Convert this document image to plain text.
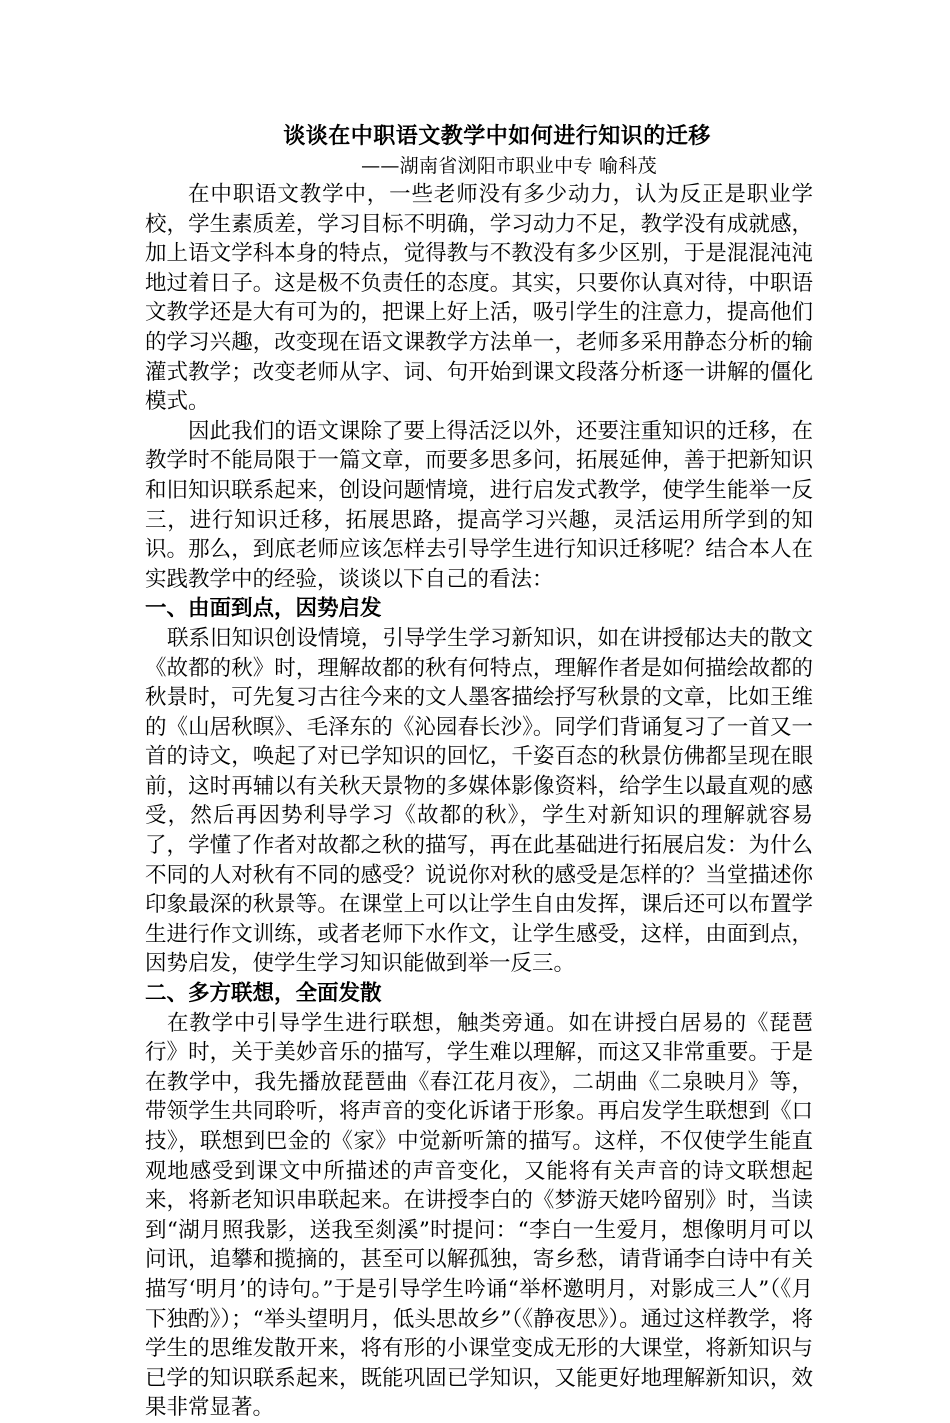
谈谈在中职语文教学中如何进行知识的迁移

——湖南省浏阳市职业中专 喻科茂

在中职语文教学中，一些老师没有多少动力，认为反正是职业学校，学生素质差，学习目标不明确，学习动力不足，教学没有成就感，加上语文学科本身的特点，觉得教与不教没有多少区别，于是混混沌沌地过着日子。这是极不负责任的态度。其实，只要你认真对待，中职语文教学还是大有可为的，把课上好上活，吸引学生的注意力，提高他们的学习兴趣，改变现在语文课教学方法单一，老师多采用静态分析的输灌式教学；改变老师从字、词、句开始到课文段落分析逐一讲解的僵化模式。

因此我们的语文课除了要上得活泛以外，还要注重知识的迁移，在教学时不能局限于一篇文章，而要多思多问，拓展延伸，善于把新知识和旧知识联系起来，创设问题情境，进行启发式教学，使学生能举一反三，进行知识迁移，拓展思路，提高学习兴趣，灵活运用所学到的知识。那么，到底老师应该怎样去引导学生进行知识迁移呢？结合本人在实践教学中的经验，谈谈以下自己的看法：

一、由面到点，因势启发

联系旧知识创设情境，引导学生学习新知识，如在讲授郁达夫的散文《故都的秋》时，理解故都的秋有何特点，理解作者是如何描绘故都的秋景时，可先复习古往今来的文人墨客描绘抒写秋景的文章，比如王维的《山居秋暝》、毛泽东的《沁园春长沙》。同学们背诵复习了一首又一首的诗文，唤起了对已学知识的回忆，千姿百态的秋景仿佛都呈现在眼前，这时再辅以有关秋天景物的多媒体影像资料，给学生以最直观的感受，然后再因势利导学习《故都的秋》，学生对新知识的理解就容易了，学懂了作者对故都之秋的描写，再在此基础进行拓展启发：为什么不同的人对秋有不同的感受？说说你对秋的感受是怎样的？当堂描述你印象最深的秋景等。在课堂上可以让学生自由发挥，课后还可以布置学生进行作文训练，或者老师下水作文，让学生感受，这样，由面到点，因势启发，使学生学习知识能做到举一反三。

二、多方联想，全面发散

在教学中引导学生进行联想，触类旁通。如在讲授白居易的《琵琶行》时，关于美妙音乐的描写，学生难以理解，而这又非常重要。于是在教学中，我先播放琵琶曲《春江花月夜》，二胡曲《二泉映月》等，带领学生共同聆听，将声音的变化诉诸于形象。再启发学生联想到《口技》，联想到巴金的《家》中觉新听箫的描写。这样，不仅使学生能直观地感受到课文中所描述的声音变化，又能将有关声音的诗文联想起来，将新老知识串联起来。在讲授李白的《梦游天姥吟留别》时，当读到“湖月照我影，送我至剡溪”时提问：“李白一生爱月，想像明月可以问讯，追攀和揽摘的，甚至可以解孤独，寄乡愁，请背诵李白诗中有关描写‘明月’的诗句。”于是引导学生吟诵“举杯邀明月，对影成三人”（《月下独酌》）；“举头望明月，低头思故乡”（《静夜思》）。通过这样教学，将学生的思维发散开来，将有形的小课堂变成无形的大课堂，将新知识与已学的知识联系起来，既能巩固已学知识，又能更好地理解新知识，效果非常显著。
